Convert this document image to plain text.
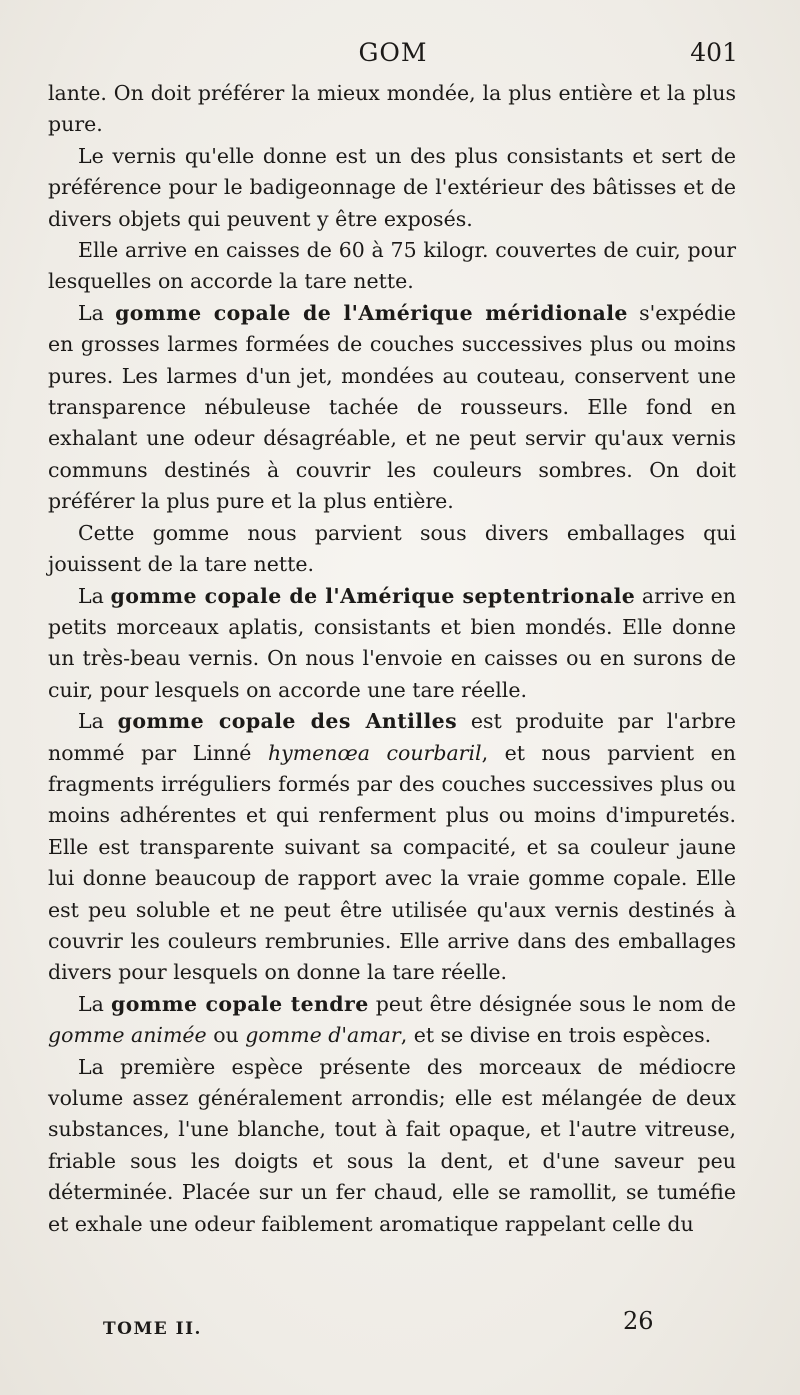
GOM	401

lante. On doit préférer la mieux mondée, la plus entière et la plus pure.

Le vernis qu'elle donne est un des plus consistants et sert de préférence pour le badigeonnage de l'extérieur des bâtisses et de divers objets qui peuvent y être exposés.

Elle arrive en caisses de 60 à 75 kilogr. couvertes de cuir, pour lesquelles on accorde la tare nette.

La gomme copale de l'Amérique méridionale s'expédie en grosses larmes formées de couches successives plus ou moins pures. Les larmes d'un jet, mondées au couteau, conservent une transparence nébuleuse tachée de rousseurs. Elle fond en exhalant une odeur désagréable, et ne peut servir qu'aux vernis communs destinés à couvrir les couleurs sombres. On doit préférer la plus pure et la plus entière.

Cette gomme nous parvient sous divers emballages qui jouissent de la tare nette.

La gomme copale de l'Amérique septentrionale arrive en petits morceaux aplatis, consistants et bien mondés. Elle donne un très-beau vernis. On nous l'envoie en caisses ou en surons de cuir, pour lesquels on accorde une tare réelle.

La gomme copale des Antilles est produite par l'arbre nommé par Linné hymenœa courbaril, et nous parvient en fragments irréguliers formés par des couches successives plus ou moins adhérentes et qui renferment plus ou moins d'impuretés. Elle est transparente suivant sa compacité, et sa couleur jaune lui donne beaucoup de rapport avec la vraie gomme copale. Elle est peu soluble et ne peut être utilisée qu'aux vernis destinés à couvrir les couleurs rembrunies. Elle arrive dans des emballages divers pour lesquels on donne la tare réelle.

La gomme copale tendre peut être désignée sous le nom de gomme animée ou gomme d'amar, et se divise en trois espèces.

La première espèce présente des morceaux de médiocre volume assez généralement arrondis; elle est mélangée de deux substances, l'une blanche, tout à fait opaque, et l'autre vitreuse, friable sous les doigts et sous la dent, et d'une saveur peu déterminée. Placée sur un fer chaud, elle se ramollit, se tuméfie et exhale une odeur faiblement aromatique rappelant celle du

TOME II.	26
